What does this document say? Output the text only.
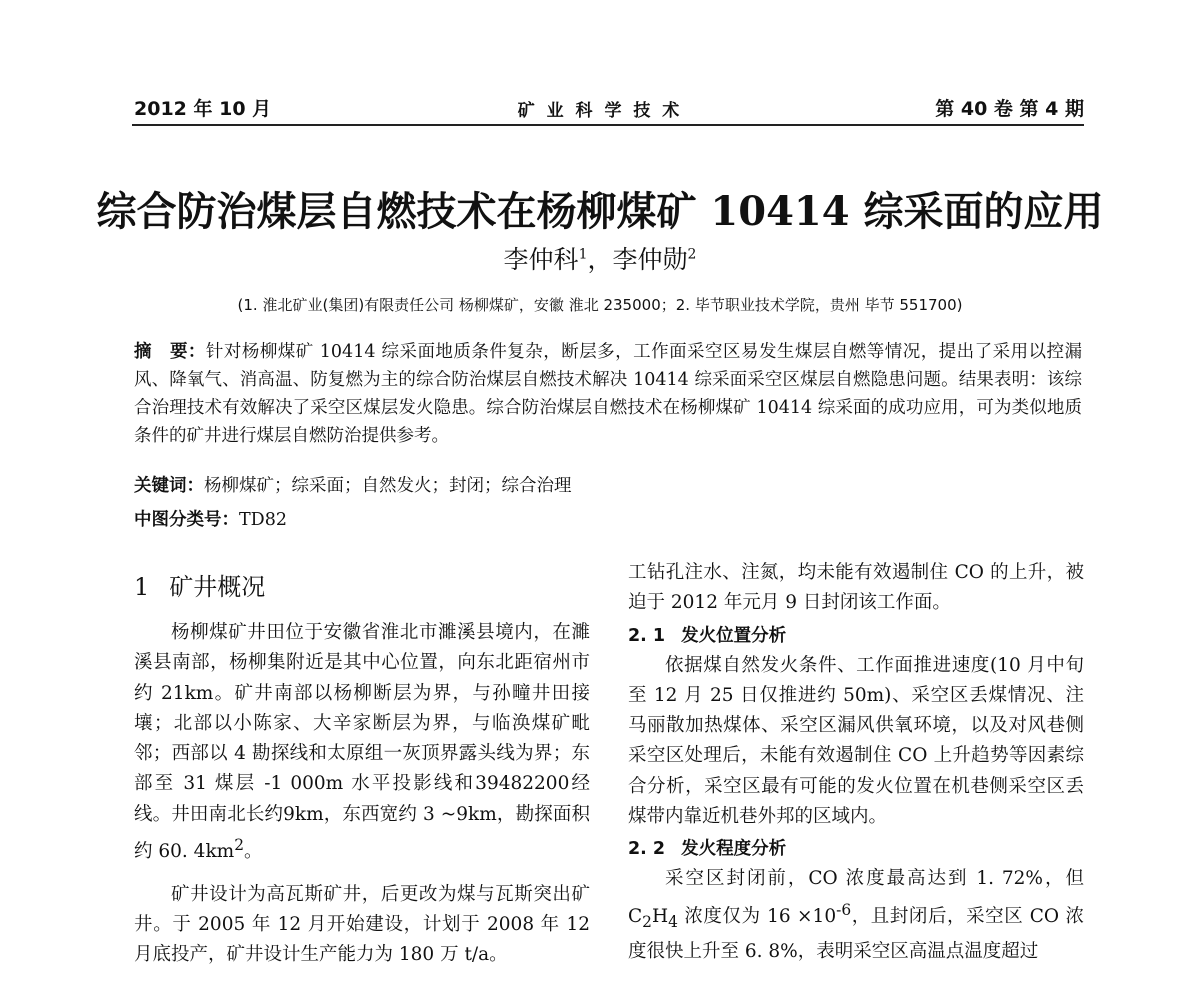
2012 年 10 月	矿 业 科 学 技 术	第 40 卷 第 4 期
综合防治煤层自燃技术在杨柳煤矿 10414 综采面的应用
李仲科$^1$，李仲勋$^2$
(1. 淮北矿业(集团)有限责任公司 杨柳煤矿，安徽 淮北 235000；2. 毕节职业技术学院，贵州 毕节 551700)
摘　要：针对杨柳煤矿 10414 综采面地质条件复杂，断层多，工作面采空区易发生煤层自燃等情况，提出了采用以控漏风、降氧气、消高温、防复燃为主的综合防治煤层自燃技术解决 10414 综采面采空区煤层自燃隐患问题。结果表明：该综合治理技术有效解决了采空区煤层发火隐患。综合防治煤层自燃技术在杨柳煤矿 10414 综采面的成功应用，可为类似地质条件的矿井进行煤层自燃防治提供参考。
关键词：杨柳煤矿；综采面；自然发火；封闭；综合治理
中图分类号：TD82
1 矿井概况

杨柳煤矿井田位于安徽省淮北市濉溪县境内，在濉溪县南部，杨柳集附近是其中心位置，向东北距宿州市约 21km。矿井南部以杨柳断层为界，与孙疃井田接壤；北部以小陈家、大辛家断层为界，与临涣煤矿毗邻；西部以 4 勘探线和太原组一灰顶界露头线为界；东部至 31 煤层 -1 000m 水平投影线和39482200经线。井田南北长约9km，东西宽约 3 ~9km，勘探面积约 60. $4km^2$。

矿井设计为高瓦斯矿井，后更改为煤与瓦斯突出矿井。于 2005 年 12 月开始建设，计划于 2008 年 12 月底投产，矿井设计生产能力为 180 万 t/a。

工钻孔注水、注氮，均未能有效遏制住 CO 的上升，被迫于 2012 年元月 9 日封闭该工作面。

2. 1 发火位置分析

依据煤自然发火条件、工作面推进速度(10 月中旬至 12 月 25 日仅推进约 50m)、采空区丢煤情况、注马丽散加热煤体、采空区漏风供氧环境，以及对风巷侧采空区处理后，未能有效遏制住 CO 上升趋势等因素综合分析，采空区最有可能的发火位置在机巷侧采空区丢煤带内靠近机巷外邦的区域内。

2. 2 发火程度分析

采空区封闭前，CO 浓度最高达到 1. 72%，但 $C_2H_4$ 浓度仅为 $16 \times 10^{-6}$，且封闭后，采空区 CO 浓度很快上升至 6. 8%，表明采空区高温点温度超过
